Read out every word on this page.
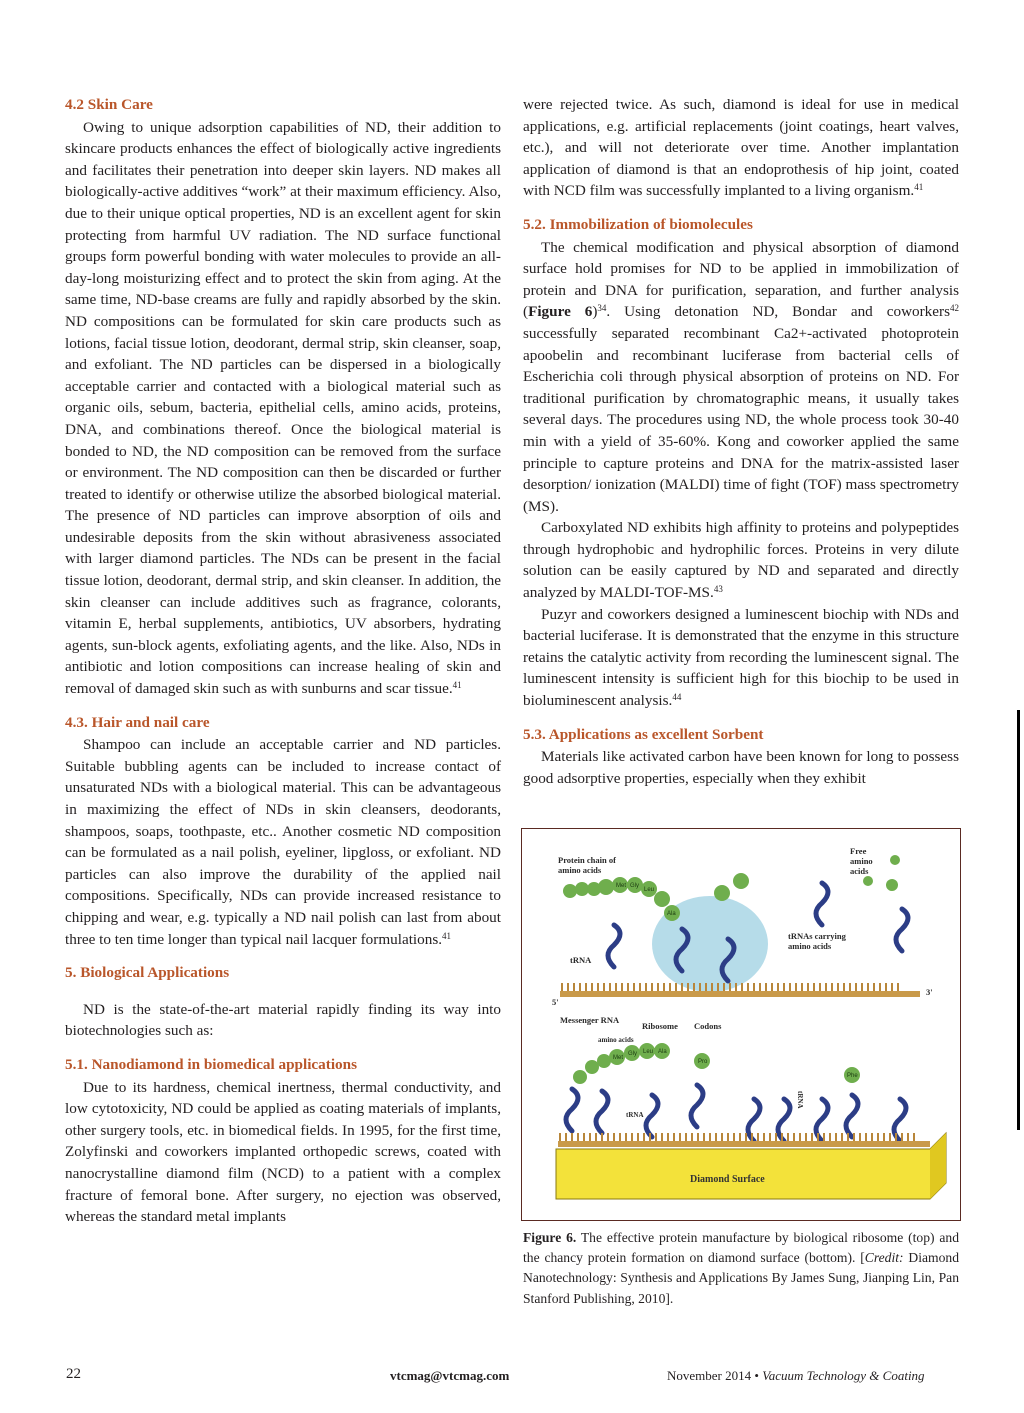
4.2 Skin Care

Owing to unique adsorption capabilities of ND, their addition to skincare products enhances the effect of biologically active ingredients and facilitates their penetration into deeper skin layers. ND makes all biologically-active additives “work” at their maximum efficiency. Also, due to their unique optical properties, ND is an excellent agent for skin protecting from harmful UV radiation. The ND surface functional groups form powerful bonding with water molecules to provide an all-day-long moisturizing effect and to protect the skin from aging. At the same time, ND-base creams are fully and rapidly absorbed by the skin. ND compositions can be formulated for skin care products such as lotions, facial tissue lotion, deodorant, dermal strip, skin cleanser, soap, and exfoliant. The ND particles can be dispersed in a biologically acceptable carrier and contacted with a biological material such as organic oils, sebum, bacteria, epithelial cells, amino acids, proteins, DNA, and combinations thereof. Once the biological material is bonded to ND, the ND composition can be removed from the surface or environment. The ND composition can then be discarded or further treated to identify or otherwise utilize the absorbed biological material. The presence of ND particles can improve absorption of oils and undesirable deposits from the skin without abrasiveness associated with larger diamond particles. The NDs can be present in the facial tissue lotion, deodorant, dermal strip, and skin cleanser. In addition, the skin cleanser can include additives such as fragrance, colorants, vitamin E, herbal supplements, antibiotics, UV absorbers, hydrating agents, sun-block agents, exfoliating agents, and the like. Also, NDs in antibiotic and lotion compositions can increase healing of skin and removal of damaged skin such as with sunburns and scar tissue.$^{41}$

4.3. Hair and nail care

Shampoo can include an acceptable carrier and ND particles. Suitable bubbling agents can be included to increase contact of unsaturated NDs with a biological material. This can be advantageous in maximizing the effect of NDs in skin cleansers, deodorants, shampoos, soaps, toothpaste, etc.. Another cosmetic ND composition can be formulated as a nail polish, eyeliner, lipgloss, or exfoliant. ND particles can also improve the durability of the applied nail compositions. Specifically, NDs can provide increased resistance to chipping and wear, e.g. typically a ND nail polish can last from about three to ten time longer than typical nail lacquer formulations.$^{41}$

5. Biological Applications

ND is the state-of-the-art material rapidly finding its way into biotechnologies such as:

5.1. Nanodiamond in biomedical applications

Due to its hardness, chemical inertness, thermal conductivity, and low cytotoxicity, ND could be applied as coating materials of implants, other surgery tools, etc. in biomedical fields. In 1995, for the first time, Zolyfinski and coworkers implanted orthopedic screws, coated with nanocrystalline diamond film (NCD) to a patient with a complex fracture of femoral bone. After surgery, no ejection was observed, whereas the standard metal implants

were rejected twice. As such, diamond is ideal for use in medical applications, e.g. artificial replacements (joint coatings, heart valves, etc.), and will not deteriorate over time. Another implantation application of diamond is that an endoprothesis of hip joint, coated with NCD film was successfully implanted to a living organism.$^{41}$

5.2. Immobilization of biomolecules

The chemical modification and physical absorption of diamond surface hold promises for ND to be applied in immobilization of protein and DNA for purification, separation, and further analysis (Figure 6)$^{34}$. Using detonation ND, Bondar and coworkers$^{42}$ successfully separated recombinant Ca2+-activated photoprotein apoobelin and recombinant luciferase from bacterial cells of Escherichia coli through physical absorption of proteins on ND. For traditional purification by chromatographic means, it usually takes several days. The procedures using ND, the whole process took 30-40 min with a yield of 35-60%. Kong and coworker applied the same principle to capture proteins and DNA for the matrix-assisted laser desorption/ ionization (MALDI) time of fight (TOF) mass spectrometry (MS).

Carboxylated ND exhibits high affinity to proteins and polypeptides through hydrophobic and hydrophilic forces. Proteins in very dilute solution can be easily captured by ND and separated and directly analyzed by MALDI-TOF-MS.$^{43}$

Puzyr and coworkers designed a luminescent biochip with NDs and bacterial luciferase. It is demonstrated that the enzyme in this structure retains the catalytic activity from recording the luminescent signal. The luminescent intensity is sufficient high for this biochip to be used in bioluminescent analysis.$^{44}$

5.3. Applications as excellent Sorbent

Materials like activated carbon have been known for long to possess good adsorptive properties, especially when they exhibit

Protein chain of
amino acids
Free
amino
acids
tRNAs carrying
amino acids
tRNA
Met Gly
Leu
Ala
5'
3'
Messenger RNA
Ribosome Codons
amino acids
tRNA
tRNA
Met
Gly Leu
Pro
Phe
Ala
Diamond Surface
Figure 6. The effective protein manufacture by biological ribosome (top) and the chancy protein formation on diamond surface (bottom). [Credit: Diamond Nanotechnology: Synthesis and Applications By James Sung, Jianping Lin, Pan Stanford Publishing, 2010].
22	vtcmag@vtcmag.com	November 2014 • Vacuum Technology & Coating
